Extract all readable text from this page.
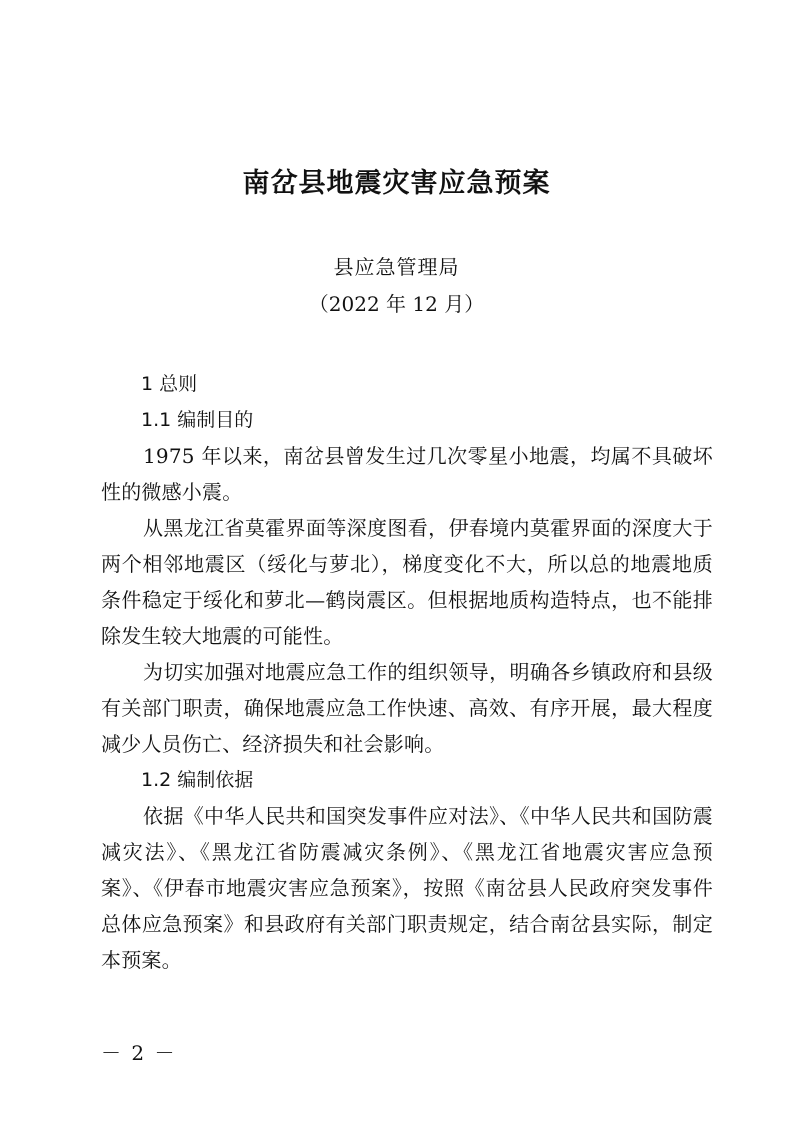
南岔县地震灾害应急预案
县应急管理局
（2022 年 12 月）
1 总则
1.1 编制目的

1975 年以来，南岔县曾发生过几次零星小地震，均属不具破坏性的微感小震。

从黑龙江省莫霍界面等深度图看，伊春境内莫霍界面的深度大于两个相邻地震区（绥化与萝北），梯度变化不大，所以总的地震地质条件稳定于绥化和萝北—鹤岗震区。但根据地质构造特点，也不能排除发生较大地震的可能性。

为切实加强对地震应急工作的组织领导，明确各乡镇政府和县级有关部门职责，确保地震应急工作快速、高效、有序开展，最大程度减少人员伤亡、经济损失和社会影响。

1.2 编制依据

依据《中华人民共和国突发事件应对法》、《中华人民共和国防震减灾法》、《黑龙江省防震减灾条例》、《黑龙江省地震灾害应急预案》、《伊春市地震灾害应急预案》，按照《南岔县人民政府突发事件总体应急预案》和县政府有关部门职责规定，结合南岔县实际，制定本预案。

－ 2 －
